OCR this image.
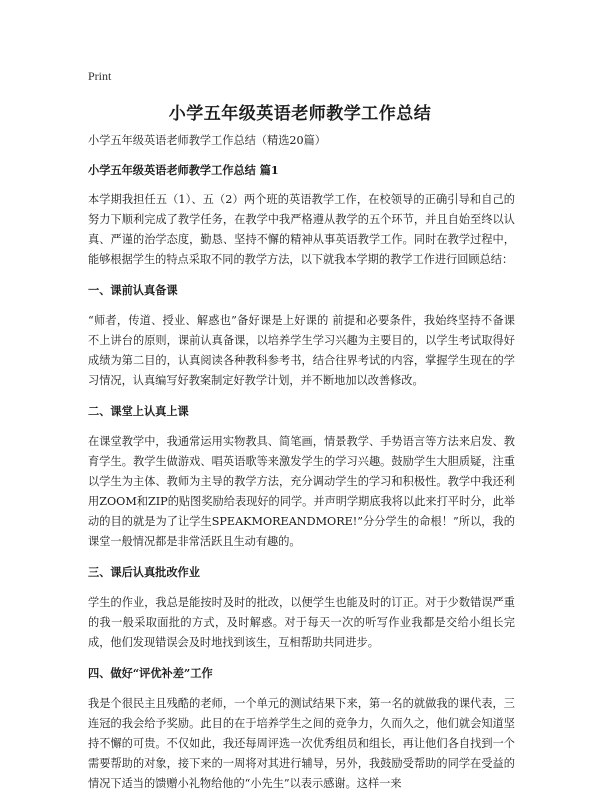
Print
小学五年级英语老师教学工作总结
小学五年级英语老师教学工作总结（精选20篇）
小学五年级英语老师教学工作总结 篇1
本学期我担任五（1）、五（2）两个班的英语教学工作，在校领导的正确引导和自己的努力下顺利完成了教学任务，在教学中我严格遵从教学的五个环节，并且自始至终以认真、严谨的治学态度，勤恳、坚持不懈的精神从事英语教学工作。同时在教学过程中，能够根据学生的特点采取不同的教学方法，以下就我本学期的教学工作进行回顾总结：
一、课前认真备课
“师者，传道、授业、解惑也”备好课是上好课的 前提和必要条件，我始终坚持不备课不上讲台的原则，课前认真备课，以培养学生学习兴趣为主要目的，以学生考试取得好成绩为第二目的，认真阅读各种教科参考书，结合往界考试的内容，掌握学生现在的学习情况，认真编写好教案制定好教学计划，并不断地加以改善修改。
二、课堂上认真上课
在课堂教学中，我通常运用实物教具、简笔画，情景教学、手势语言等方法来启发、教育学生。教学生做游戏、唱英语歌等来激发学生的学习兴趣。鼓励学生大胆质疑，注重以学生为主体、教师为主导的教学方法，充分调动学生的学习和积极性。教学中我还利用ZOOM和ZIP的贴图奖励给表现好的同学。并声明学期底我将以此来打平时分，此举动的目的就是为了让学生SPEAKMOREANDMORE!”分分学生的命根！”所以，我的课堂一般情况都是非常活跃且生动有趣的。
三、课后认真批改作业
学生的作业，我总是能按时及时的批改，以便学生也能及时的订正。对于少数错误严重的我一般采取面批的方式，及时解惑。对于每天一次的听写作业我都是交给小组长完成，他们发现错误会及时地找到该生，互相帮助共同进步。
四、做好“评优补差”工作
我是个很民主且残酷的老师，一个单元的测试结果下来，第一名的就做我的课代表，三连冠的我会给予奖励。此目的在于培养学生之间的竞争力，久而久之，他们就会知道坚持不懈的可贵。不仅如此，我还每周评选一次优秀组员和组长，再让他们各自找到一个需要帮助的对象，接下来的一周将对其进行辅导，另外，我鼓励受帮助的同学在受益的情况下适当的馈赠小礼物给他的“小先生”以表示感谢。这样一来
